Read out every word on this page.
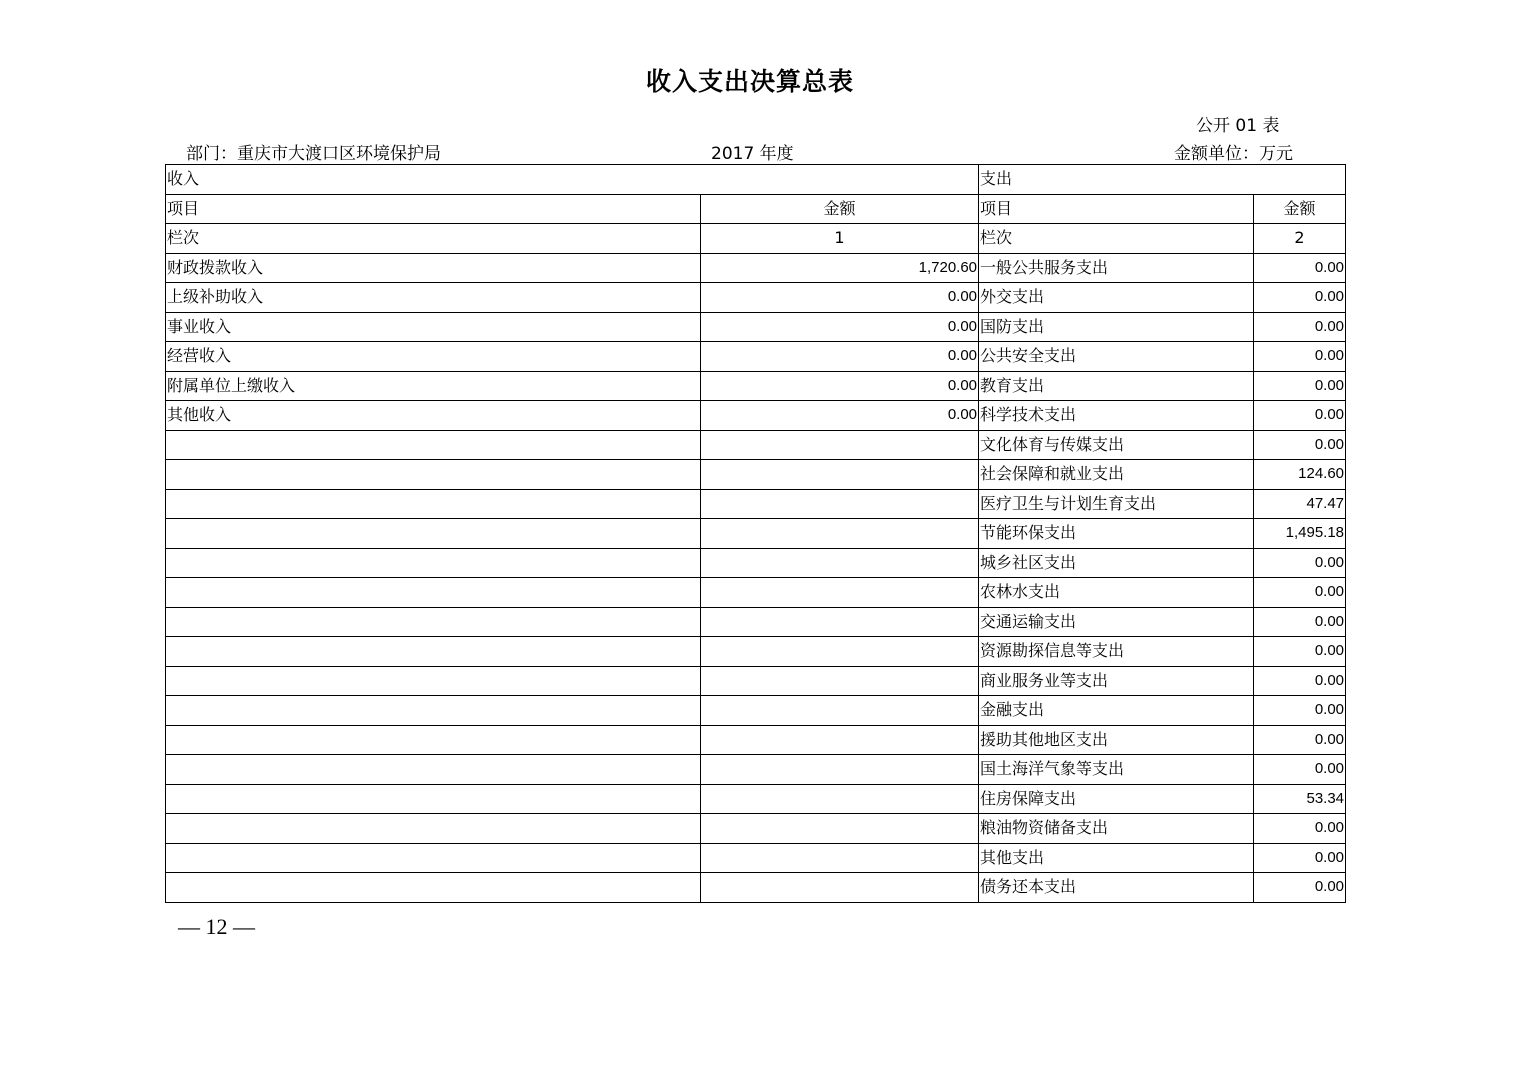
收入支出决算总表
公开 01 表
部门：重庆市大渡口区环境保护局	2017 年度	金额单位：万元
收入		支出	
项目	金额	项目	金额
栏次	1	栏次	2
财政拨款收入	1,720.60	一般公共服务支出	0.00
上级补助收入	0.00	外交支出	0.00
事业收入	0.00	国防支出	0.00
经营收入	0.00	公共安全支出	0.00
附属单位上缴收入	0.00	教育支出	0.00
其他收入	0.00	科学技术支出	0.00
		文化体育与传媒支出	0.00
		社会保障和就业支出	124.60
		医疗卫生与计划生育支出	47.47
		节能环保支出	1,495.18
		城乡社区支出	0.00
		农林水支出	0.00
		交通运输支出	0.00
		资源勘探信息等支出	0.00
		商业服务业等支出	0.00
		金融支出	0.00
		援助其他地区支出	0.00
		国土海洋气象等支出	0.00
		住房保障支出	53.34
		粮油物资储备支出	0.00
		其他支出	0.00
		债务还本支出	0.00
— 12 —
